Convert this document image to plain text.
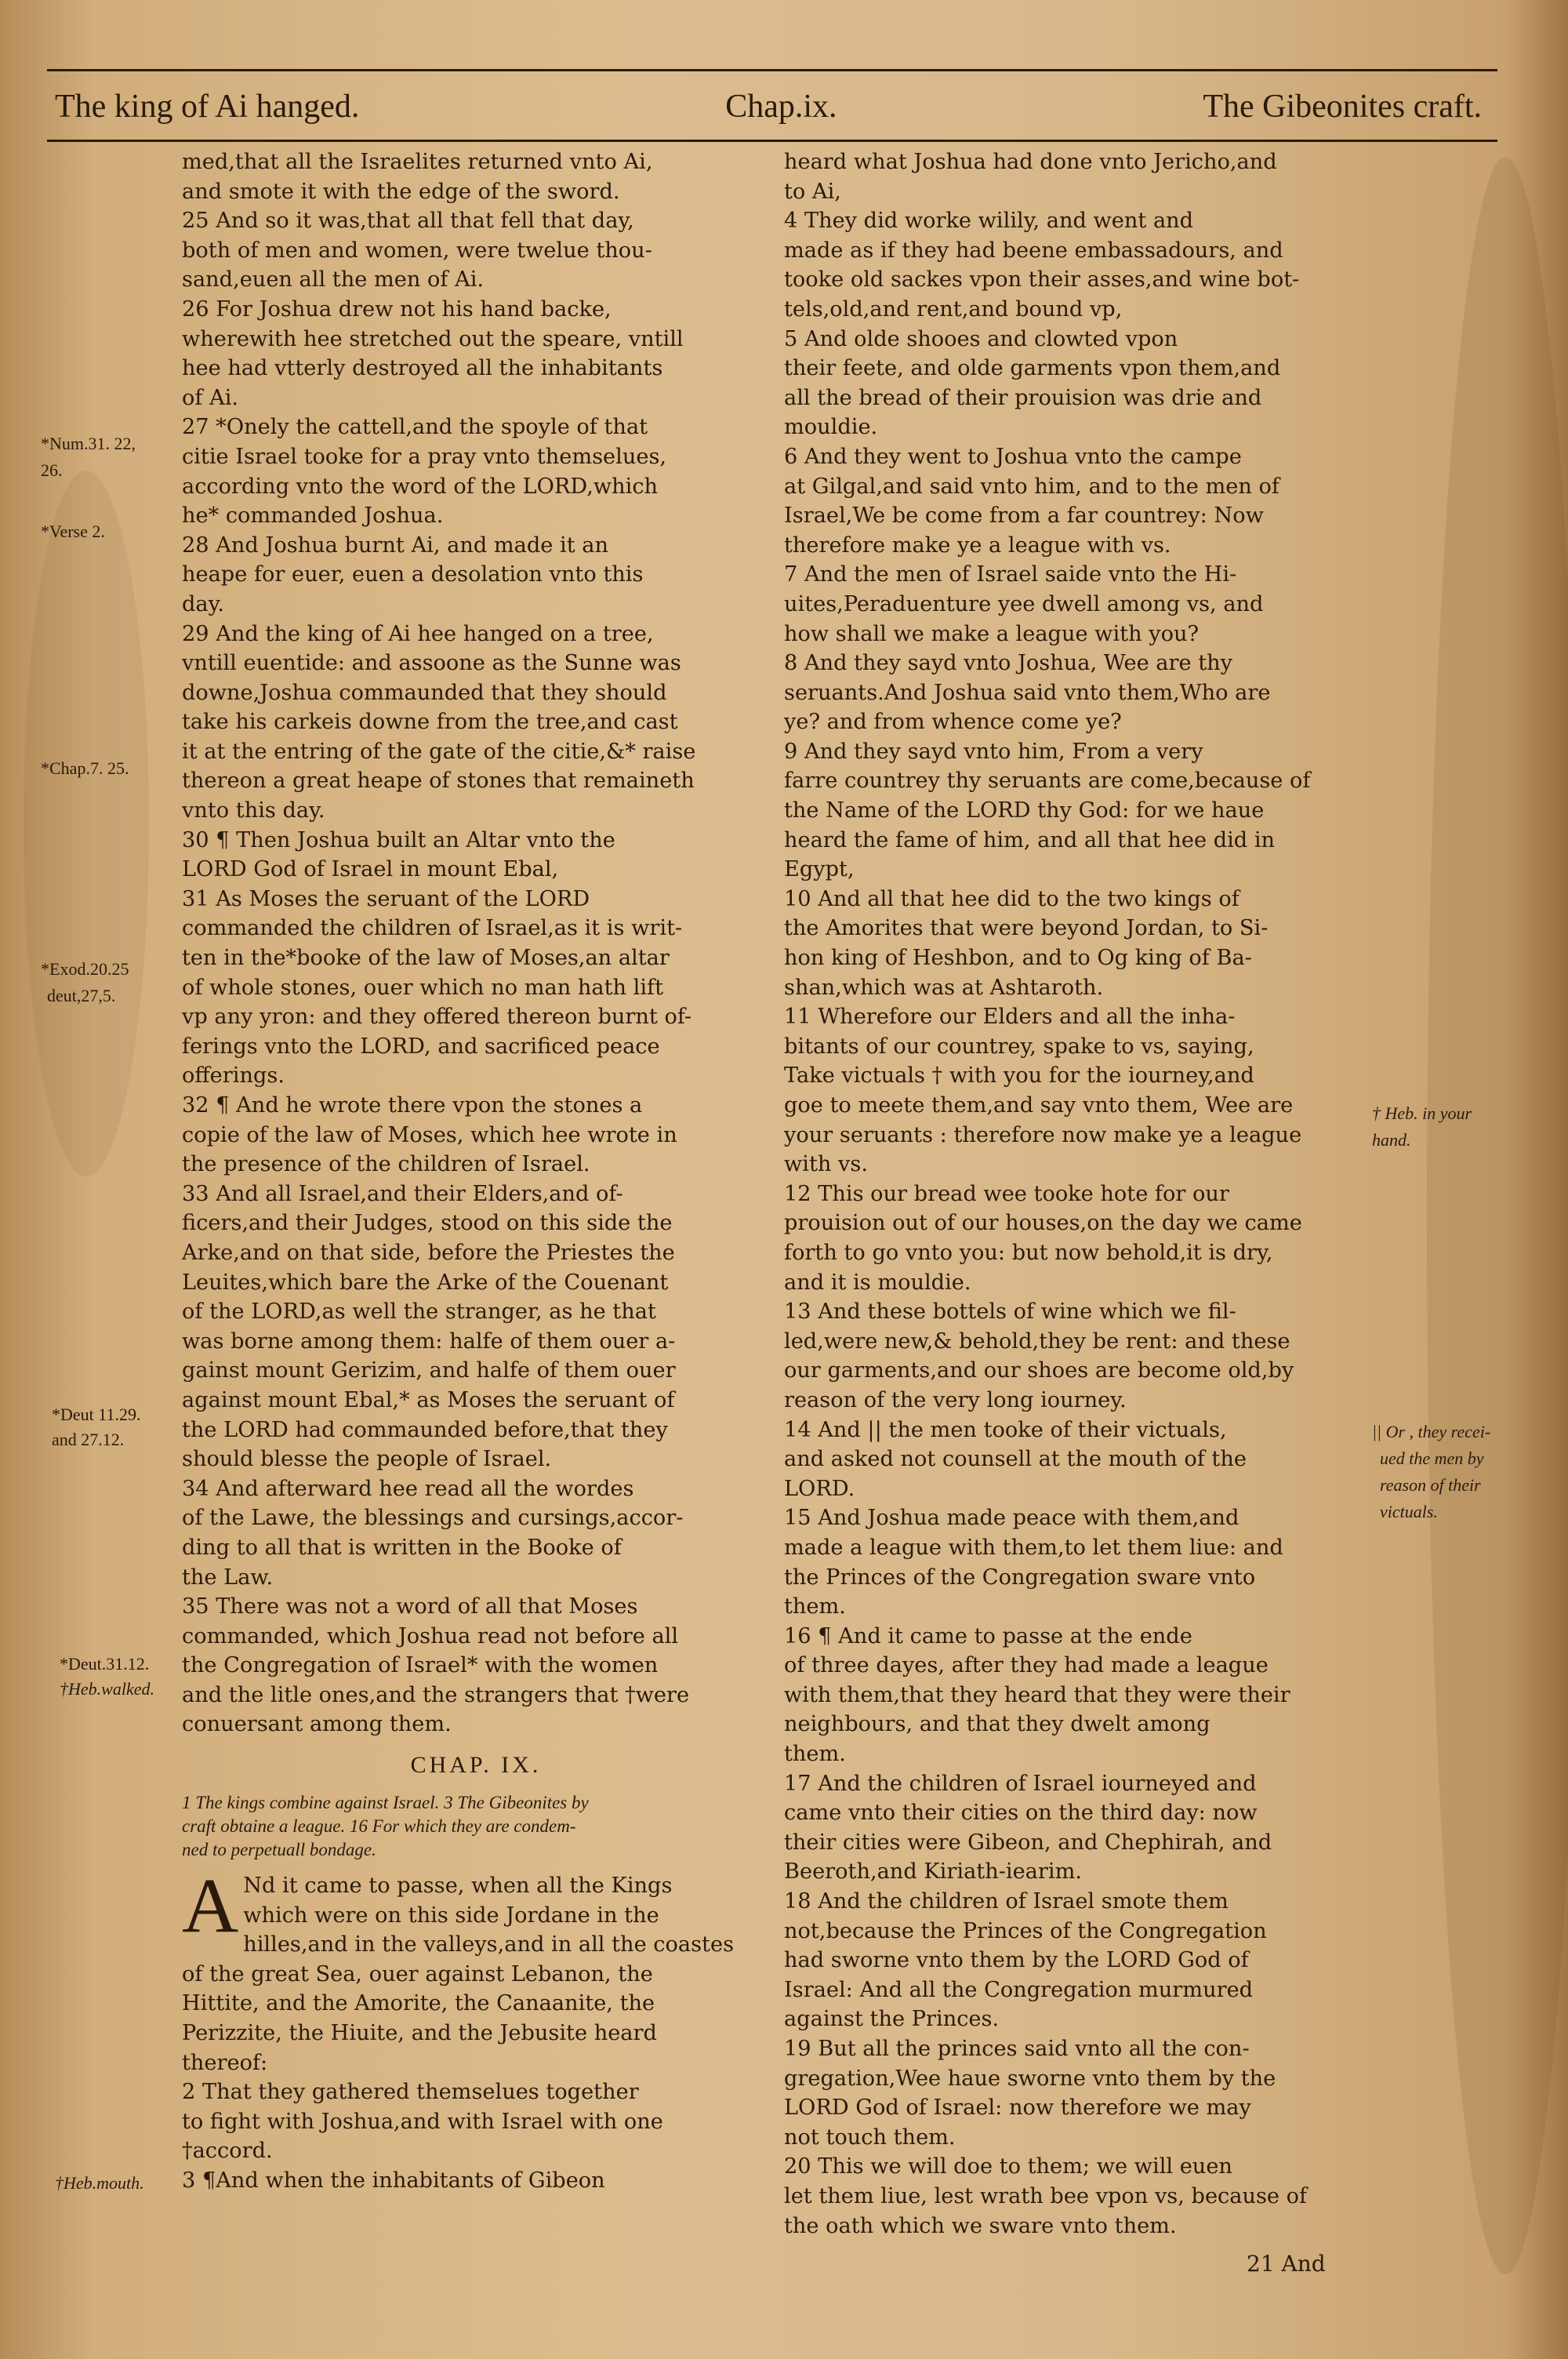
The king of Ai hanged.	Chap.ix.	The Gibeonites craft.

med,that all the Israelites returned vnto Ai,

and smote it with the edge of the sword.

25 And so it was,that all that fell that day,

both of men and women, were twelue thou-

sand,euen all the men of Ai.

26 For Joshua drew not his hand backe,

wherewith hee stretched out the speare, vntill

hee had vtterly destroyed all the inhabitants

of Ai.

27 *Onely the cattell,and the spoyle of that

citie Israel tooke for a pray vnto themselues,

according vnto the word of the LORD,which

he* commanded Joshua.

28 And Joshua burnt Ai, and made it an

heape for euer, euen a desolation vnto this

day.

29 And the king of Ai hee hanged on a tree,

vntill euentide: and assoone as the Sunne was

downe,Joshua commaunded that they should

take his carkeis downe from the tree,and cast

it at the entring of the gate of the citie,&* raise

thereon a great heape of stones that remaineth

vnto this day.

30 ¶ Then Joshua built an Altar vnto the

LORD God of Israel in mount Ebal,

31 As Moses the seruant of the LORD

commanded the children of Israel,as it is writ-

ten in the*booke of the law of Moses,an altar

of whole stones, ouer which no man hath lift

vp any yron: and they offered thereon burnt of-

ferings vnto the LORD, and sacrificed peace

offerings.

32 ¶ And he wrote there vpon the stones a

copie of the law of Moses, which hee wrote in

the presence of the children of Israel.

33 And all Israel,and their Elders,and of-

ficers,and their Judges, stood on this side the

Arke,and on that side, before the Priestes the

Leuites,which bare the Arke of the Couenant

of the LORD,as well the stranger, as he that

was borne among them: halfe of them ouer a-

gainst mount Gerizim, and halfe of them ouer

against mount Ebal,* as Moses the seruant of

the LORD had commaunded before,that they

should blesse the people of Israel.

34 And afterward hee read all the wordes

of the Lawe, the blessings and cursings,accor-

ding to all that is written in the Booke of

the Law.

35 There was not a word of all that Moses

commanded, which Joshua read not before all

the Congregation of Israel* with the women

and the litle ones,and the strangers that †were

conuersant among them.

CHAP. IX.

1 The kings combine against Israel. 3 The Gibeonites by

craft obtaine a league. 16 For which they are condem-

ned to perpetuall bondage.

A Nd it came to passe, when all the Kings

which were on this side Jordane in the

hilles,and in the valleys,and in all the coastes

of the great Sea, ouer against Lebanon, the

Hittite, and the Amorite, the Canaanite, the

Perizzite, the Hiuite, and the Jebusite heard

thereof:

2 That they gathered themselues together

to fight with Joshua,and with Israel with one

†accord.

3 ¶And when the inhabitants of Gibeon

heard what Joshua had done vnto Jericho,and

to Ai,

4 They did worke wilily, and went and

made as if they had beene embassadours, and

tooke old sackes vpon their asses,and wine bot-

tels,old,and rent,and bound vp,

5 And olde shooes and clowted vpon

their feete, and olde garments vpon them,and

all the bread of their prouision was drie and

mouldie.

6 And they went to Joshua vnto the campe

at Gilgal,and said vnto him, and to the men of

Israel,We be come from a far countrey: Now

therefore make ye a league with vs.

7 And the men of Israel saide vnto the Hi-

uites,Peraduenture yee dwell among vs, and

how shall we make a league with you?

8 And they sayd vnto Joshua, Wee are thy

seruants.And Joshua said vnto them,Who are

ye? and from whence come ye?

9 And they sayd vnto him, From a very

farre countrey thy seruants are come,because of

the Name of the LORD thy God: for we haue

heard the fame of him, and all that hee did in

Egypt,

10 And all that hee did to the two kings of

the Amorites that were beyond Jordan, to Si-

hon king of Heshbon, and to Og king of Ba-

shan,which was at Ashtaroth.

11 Wherefore our Elders and all the inha-

bitants of our countrey, spake to vs, saying,

Take victuals † with you for the iourney,and

goe to meete them,and say vnto them, Wee are

your seruants : therefore now make ye a league

with vs.

12 This our bread wee tooke hote for our

prouision out of our houses,on the day we came

forth to go vnto you: but now behold,it is dry,

and it is mouldie.

13 And these bottels of wine which we fil-

led,were new,& behold,they be rent: and these

our garments,and our shoes are become old,by

reason of the very long iourney.

14 And || the men tooke of their victuals,

and asked not counsell at the mouth of the

LORD.

15 And Joshua made peace with them,and

made a league with them,to let them liue: and

the Princes of the Congregation sware vnto

them.

16 ¶ And it came to passe at the ende

of three dayes, after they had made a league

with them,that they heard that they were their

neighbours, and that they dwelt among

them.

17 And the children of Israel iourneyed and

came vnto their cities on the third day: now

their cities were Gibeon, and Chephirah, and

Beeroth,and Kiriath-iearim.

18 And the children of Israel smote them

not,because the Princes of the Congregation

had sworne vnto them by the LORD God of

Israel: And all the Congregation murmured

against the Princes.

19 But all the princes said vnto all the con-

gregation,Wee haue sworne vnto them by the

LORD God of Israel: now therefore we may

not touch them.

20 This we will doe to them; we will euen

let them liue, lest wrath bee vpon vs, because of

the oath which we sware vnto them.

*Num.31. 22,
26.
*Verse 2.
*Chap.7. 25.
*Exod.20.25
deut,27,5.
*Deut 11.29.
and 27.12.
*Deut.31.12.
†Heb.walked.
†Heb.mouth.
† Heb. in your
hand.
|| Or , they recei-
ued the men by
reason of their
victuals.
21 And
